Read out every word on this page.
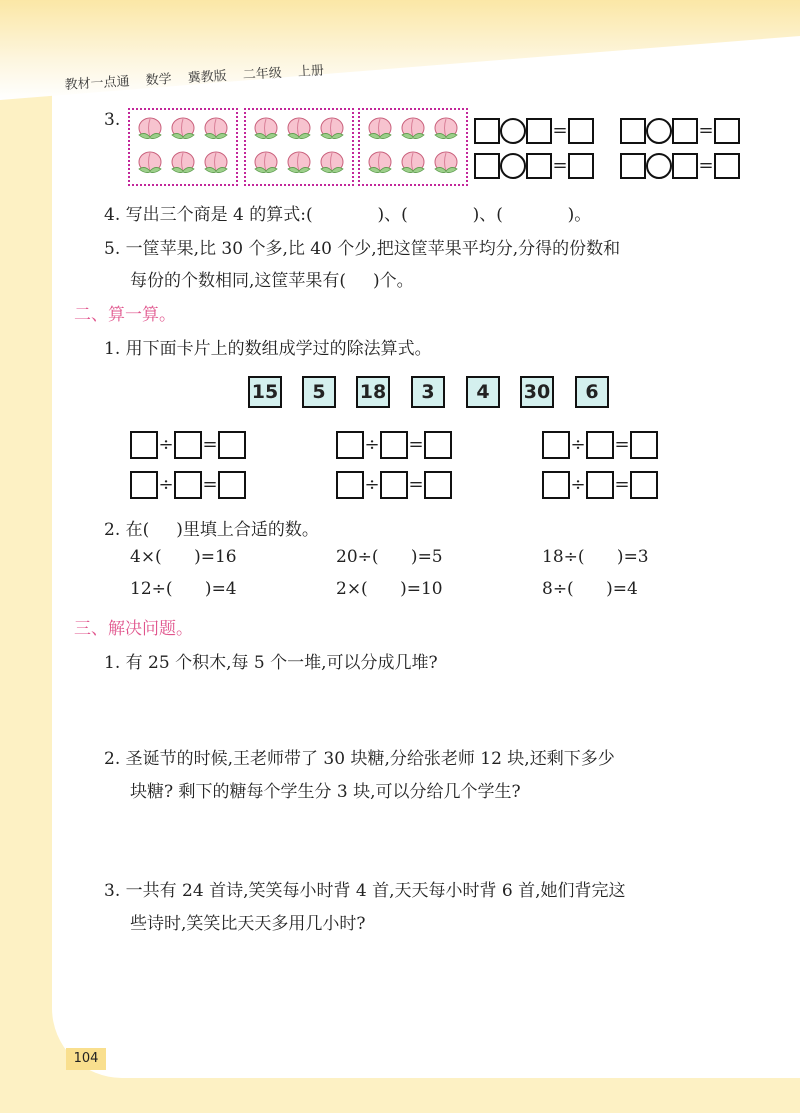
教材一点通 数学 冀教版 二年级 上册
3.	=	=
=	=
4. 写出三个商是 4 的算式:(            )、(            )、(            )。
5. 一筐苹果,比 30 个多,比 40 个少,把这筐苹果平均分,分得的份数和
每份的个数相同,这筐苹果有(     )个。
二、算一算。
1. 用下面卡片上的数组成学过的除法算式。
15	5	18	3	4	30	6
÷ =	÷ =	÷ =
÷ =	÷ =	÷ =
2. 在(     )里填上合适的数。
4×(      )=16	20÷(      )=5	18÷(      )=3
12÷(      )=4	2×(      )=10	8÷(      )=4
三、解决问题。
1. 有 25 个积木,每 5 个一堆,可以分成几堆?
2. 圣诞节的时候,王老师带了 30 块糖,分给张老师 12 块,还剩下多少
块糖? 剩下的糖每个学生分 3 块,可以分给几个学生?
3. 一共有 24 首诗,笑笑每小时背 4 首,天天每小时背 6 首,她们背完这
些诗时,笑笑比天天多用几小时?
104
